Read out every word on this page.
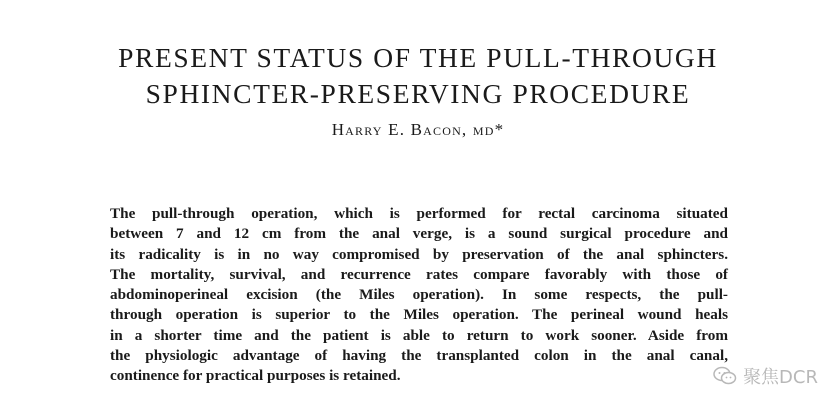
PRESENT STATUS OF THE PULL-THROUGH
SPHINCTER-PRESERVING PROCEDURE
Harry E. Bacon, md*
The pull-through operation, which is performed for rectal carcinoma situated
between 7 and 12 cm from the anal verge, is a sound surgical procedure and
its radicality is in no way compromised by preservation of the anal sphincters.
The mortality, survival, and recurrence rates compare favorably with those of
abdominoperineal excision (the Miles operation). In some respects, the pull-
through operation is superior to the Miles operation. The perineal wound heals
in a shorter time and the patient is able to return to work sooner. Aside from
the physiologic advantage of having the transplanted colon in the anal canal,
continence for practical purposes is retained.	聚焦DCR
